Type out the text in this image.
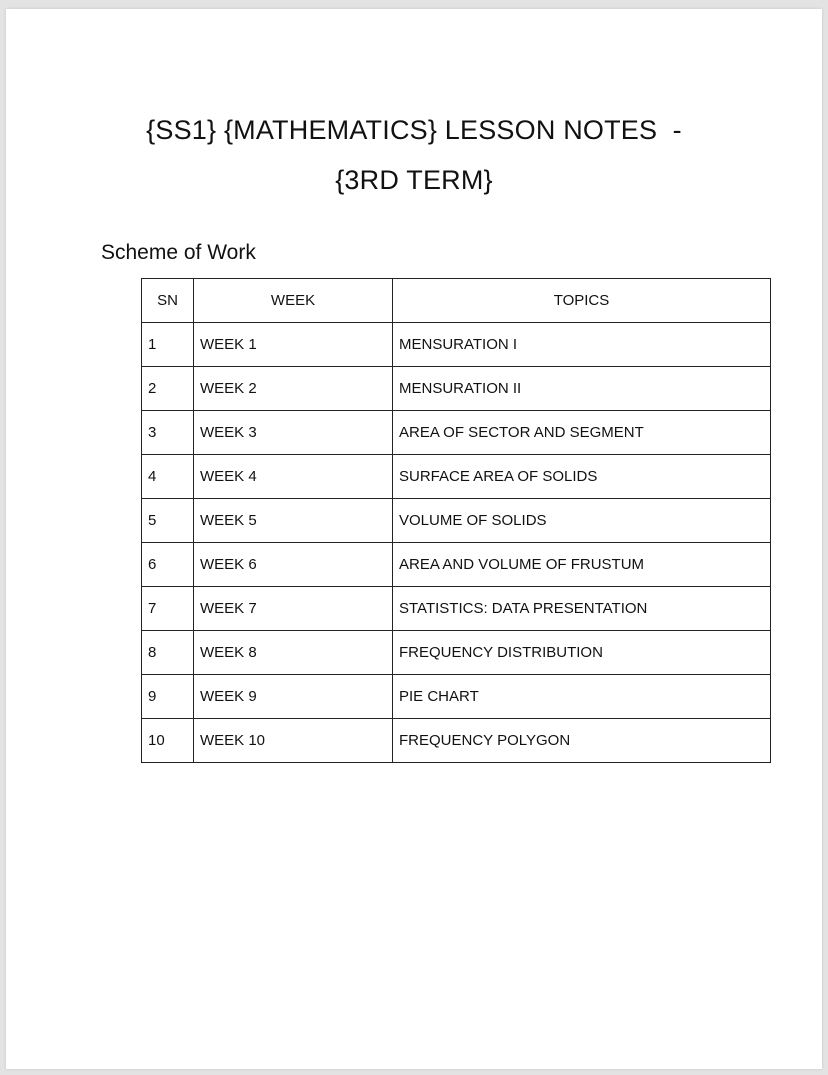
{SS1} {MATHEMATICS} LESSON NOTES  -
{3RD TERM}
Scheme of Work
SN	WEEK	TOPICS
1	WEEK 1	MENSURATION I
2	WEEK 2	MENSURATION II
3	WEEK 3	AREA OF SECTOR AND SEGMENT
4	WEEK 4	SURFACE AREA OF SOLIDS
5	WEEK 5	VOLUME OF SOLIDS
6	WEEK 6	AREA AND VOLUME OF FRUSTUM
7	WEEK 7	STATISTICS: DATA PRESENTATION
8	WEEK 8	FREQUENCY DISTRIBUTION
9	WEEK 9	PIE CHART
10	WEEK 10	FREQUENCY POLYGON
